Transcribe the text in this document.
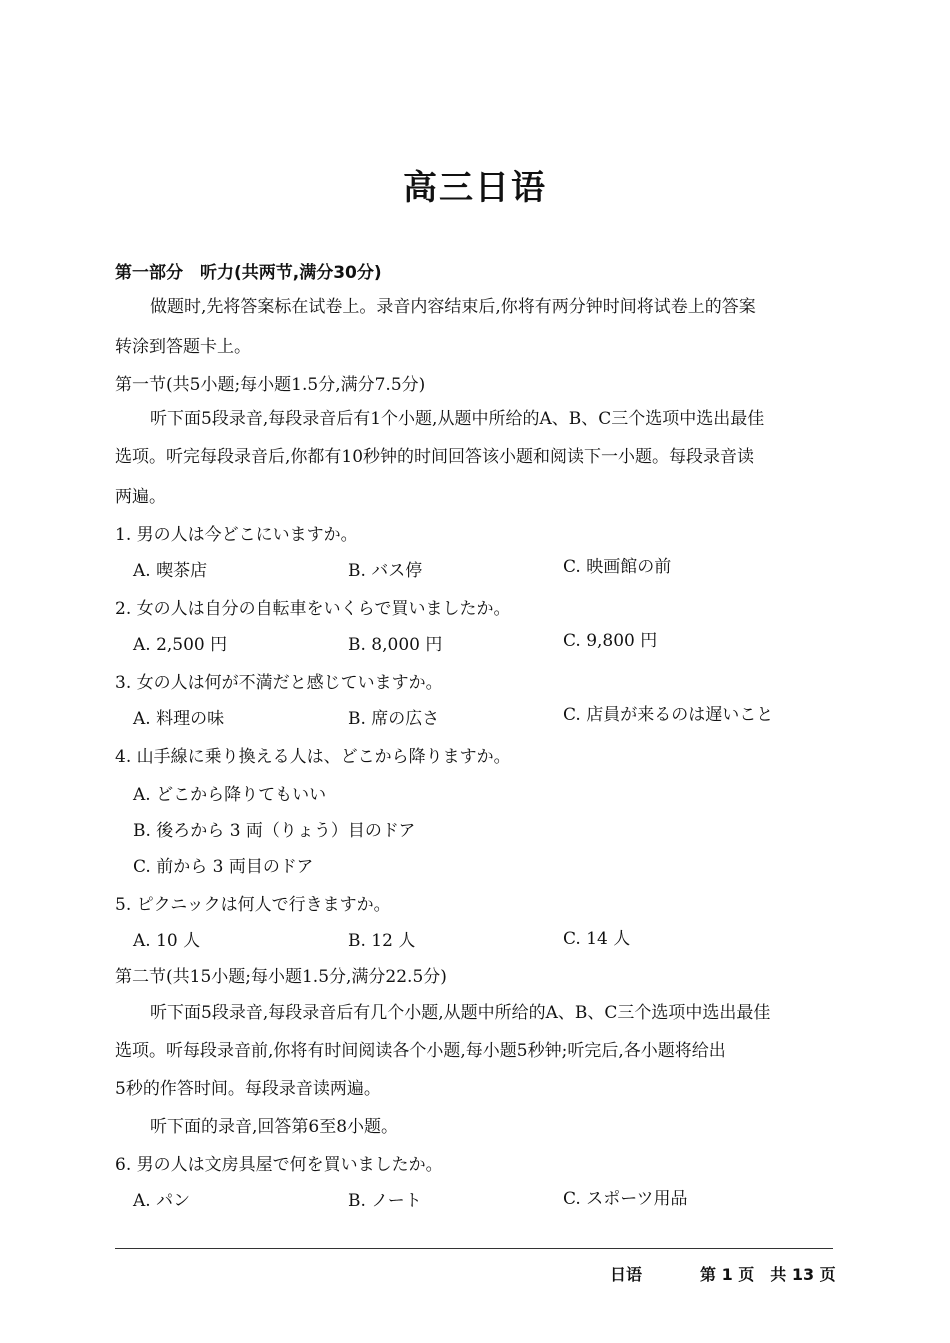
高三日语
第一部分　听力(共两节,满分30分)
做题时,先将答案标在试卷上。录音内容结束后,你将有两分钟时间将试卷上的答案
转涂到答题卡上。
第一节(共5小题;每小题1.5分,满分7.5分)
听下面5段录音,每段录音后有1个小题,从题中所给的A、B、C三个选项中选出最佳
选项。听完每段录音后,你都有10秒钟的时间回答该小题和阅读下一小题。每段录音读
两遍。
1. 男の人は今どこにいますか。
A. 喫茶店	B. バス停	C. 映画館の前
2. 女の人は自分の自転車をいくらで買いましたか。
A. 2,500 円	B. 8,000 円	C. 9,800 円
3. 女の人は何が不満だと感じていますか。
A. 料理の味	B. 席の広さ	C. 店員が来るのは遅いこと
4. 山手線に乗り換える人は、どこから降りますか。
A. どこから降りてもいい
B. 後ろから 3 両（りょう）目のドア
C. 前から 3 両目のドア
5. ピクニックは何人で行きますか。
A. 10 人	B. 12 人	C. 14 人
第二节(共15小题;每小题1.5分,满分22.5分)
听下面5段录音,每段录音后有几个小题,从题中所给的A、B、C三个选项中选出最佳
选项。听每段录音前,你将有时间阅读各个小题,每小题5秒钟;听完后,各小题将给出
5秒的作答时间。每段录音读两遍。
听下面的录音,回答第6至8小题。
6. 男の人は文房具屋で何を買いましたか。
A. パン	B. ノート	C. スポーツ用品
日语	第 1 页　共 13 页
